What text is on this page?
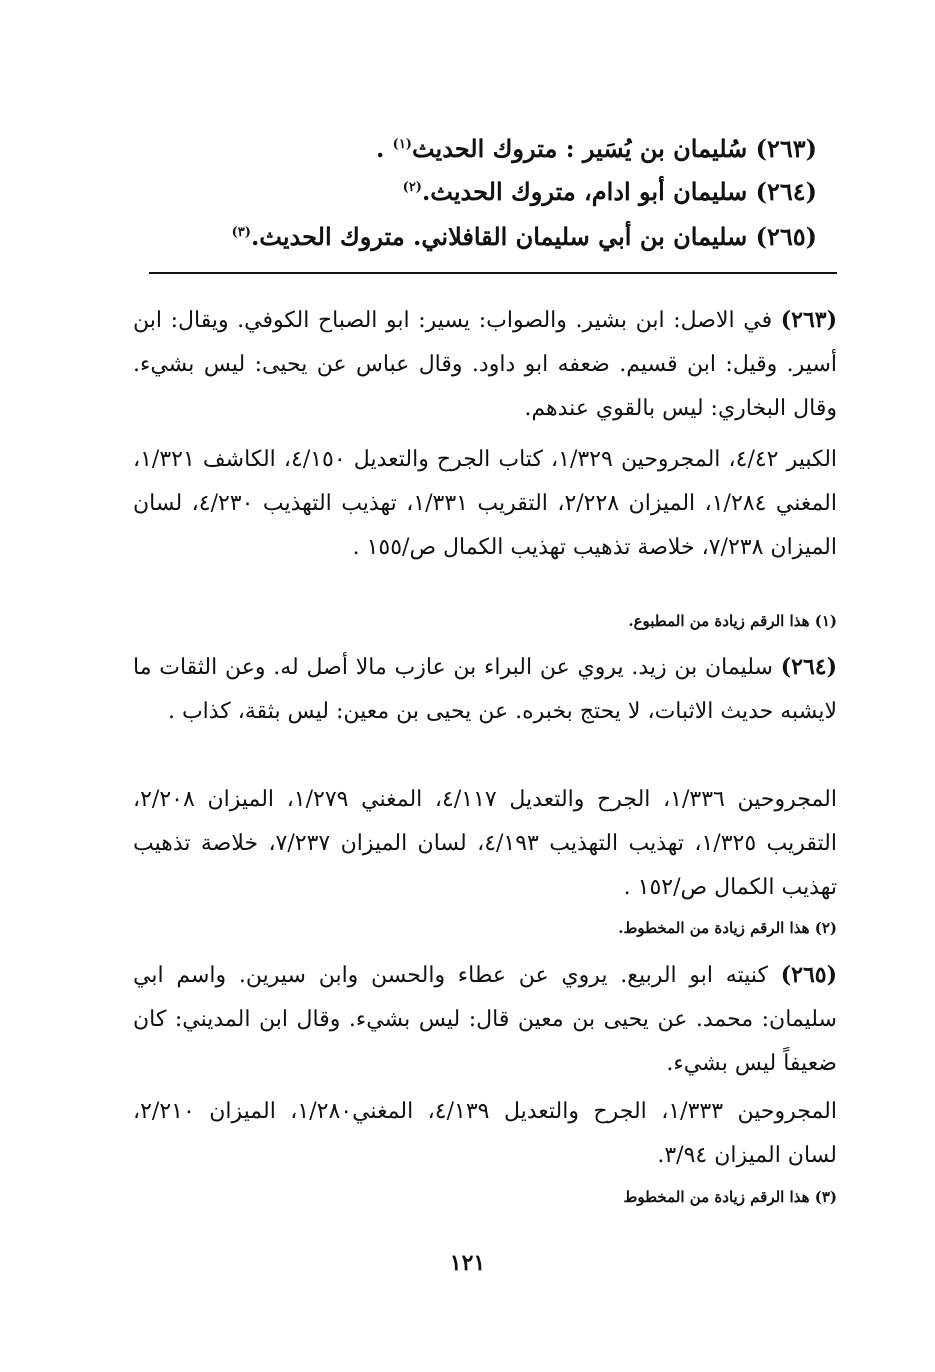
(٢٦٣) سُليمان بن يُسَير : متروك الحديث$^{(١)}$ .
(٢٦٤) سليمان أبو ادام، متروك الحديث.$^{(٢)}$
(٢٦٥) سليمان بن أبي سليمان القافلاني. متروك الحديث.$^{(٣)}$
(٢٦٣) في الاصل: ابن بشير. والصواب: يسير: ابو الصباح الكوفي. ويقال: ابن أسير. وقيل: ابن قسيم. ضعفه ابو داود. وقال عباس عن يحيى: ليس بشيء. وقال البخاري: ليس بالقوي عندهم.
الكبير ٤/٤٢، المجروحين ١/٣٢٩، كتاب الجرح والتعديل ٤/١٥٠، الكاشف ١/٣٢١، المغني ١/٢٨٤، الميزان ٢/٢٢٨، التقريب ١/٣٣١، تهذيب التهذيب ٤/٢٣٠، لسان الميزان ٧/٢٣٨، خلاصة تذهيب تهذيب الكمال ص/١٥٥ .
(١) هذا الرقم زيادة من المطبوع.
(٢٦٤) سليمان بن زيد. يروي عن البراء بن عازب مالا أصل له. وعن الثقات ما لايشبه حديث الاثبات، لا يحتج بخبره. عن يحيى بن معين: ليس بثقة، كذاب .
المجروحين ١/٣٣٦، الجرح والتعديل ٤/١١٧، المغني ١/٢٧٩، الميزان ٢/٢٠٨، التقريب ١/٣٢٥، تهذيب التهذيب ٤/١٩٣، لسان الميزان ٧/٢٣٧، خلاصة تذهيب تهذيب الكمال ص/١٥٢ .
(٢) هذا الرقم زيادة من المخطوط.
(٢٦٥) كنيته ابو الربيع. يروي عن عطاء والحسن وابن سيرين. واسم ابي سليمان: محمد. عن يحيى بن معين قال: ليس بشيء. وقال ابن المديني: كان ضعيفاً ليس بشيء.
المجروحين ١/٣٣٣، الجرح والتعديل ٤/١٣٩، المغني١/٢٨٠، الميزان ٢/٢١٠، لسان الميزان ٣/٩٤.
(٣) هذا الرقم زيادة من المخطوط
١٢١
